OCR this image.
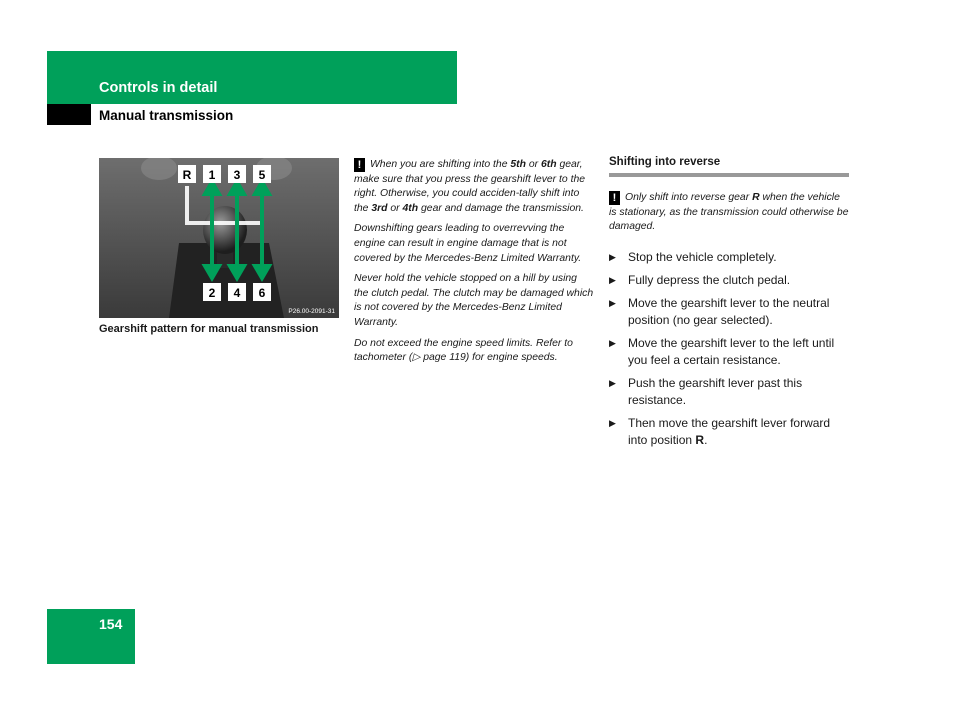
Controls in detail
Manual transmission
R 1 3 5
2 4 6
P26.00-2091-31
Gearshift pattern for manual transmission

! When you are shifting into the 5th or 6th gear, make sure that you press the gearshift lever to the right. Otherwise, you could acciden-tally shift into the 3rd or 4th gear and damage the transmission.

Downshifting gears leading to overrevving the engine can result in engine damage that is not covered by the Mercedes-Benz Limited Warranty.

Never hold the vehicle stopped on a hill by using the clutch pedal. The clutch may be damaged which is not covered by the Mercedes-Benz Limited Warranty.

Do not exceed the engine speed limits. Refer to tachometer (▷ page 119) for engine speeds.

Shifting into reverse

! Only shift into reverse gear R when the vehicle is stationary, as the transmission could otherwise be damaged.

▶ Stop the vehicle completely.
▶ Fully depress the clutch pedal.
▶ Move the gearshift lever to the neutral position (no gear selected).
▶ Move the gearshift lever to the left until you feel a certain resistance.
▶ Push the gearshift lever past this resistance.
▶ Then move the gearshift lever forward into position R.
154
